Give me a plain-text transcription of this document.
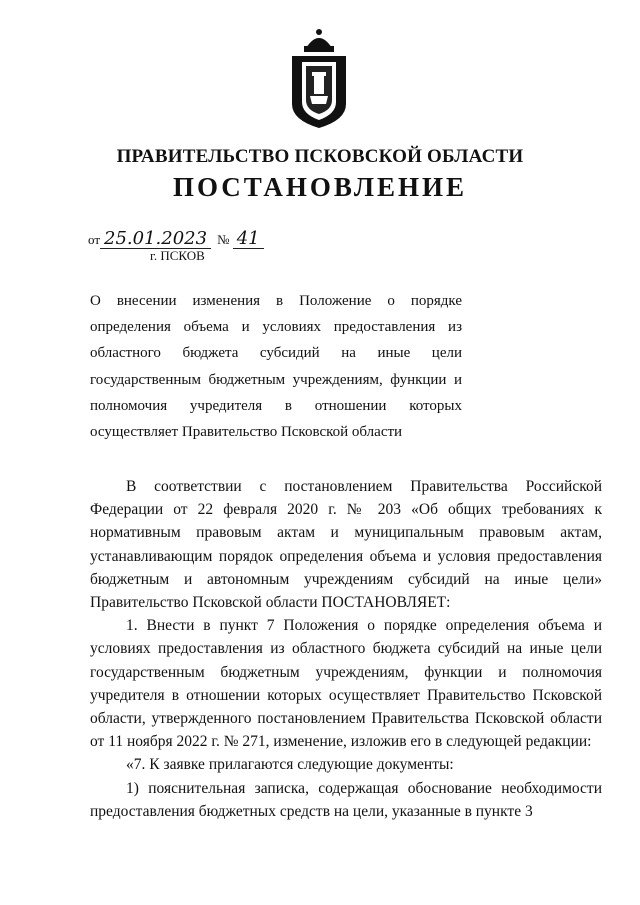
ПРАВИТЕЛЬСТВО ПСКОВСКОЙ ОБЛАСТИ
ПОСТАНОВЛЕНИЕ
от 25.01.2023 № 41
г. ПСКОВ
О внесении изменения в Положение о порядке определения объема и условиях предоставления из областного бюджета субсидий на иные цели государственным бюджетным учреждениям, функции и полномочия учредителя в отношении которых осуществляет Правительство Псковской области

В соответствии с постановлением Правительства Российской Федерации от 22 февраля 2020 г. № 203 «Об общих требованиях к нормативным правовым актам и муниципальным правовым актам, устанавливающим порядок определения объема и условия предоставления бюджетным и автономным учреждениям субсидий на иные цели» Правительство Псковской области ПОСТАНОВЛЯЕТ:

1. Внести в пункт 7 Положения о порядке определения объема и условиях предоставления из областного бюджета субсидий на иные цели государственным бюджетным учреждениям, функции и полномочия учредителя в отношении которых осуществляет Правительство Псковской области, утвержденного постановлением Правительства Псковской области от 11 ноября 2022 г. № 271, изменение, изложив его в следующей редакции:

«7. К заявке прилагаются следующие документы:

1) пояснительная записка, содержащая обоснование необходимости предоставления бюджетных средств на цели, указанные в пункте 3
